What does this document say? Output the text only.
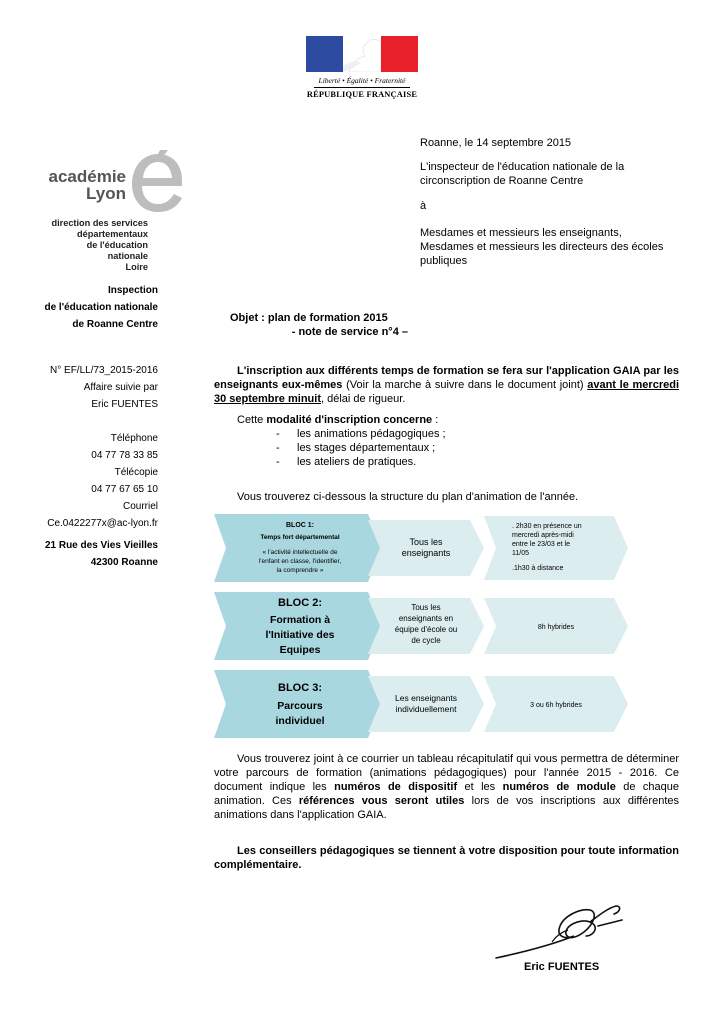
Liberté • Égalité • Fraternité
RÉPUBLIQUE FRANÇAISE
académie
Lyon
direction des services
départementaux
de l'éducation nationale
Loire
Inspection
de l'éducation nationale
de Roanne Centre
N° EF/LL/73_2015-2016
Affaire suivie par
Eric FUENTES
Téléphone
04 77 78 33 85
Télécopie
04 77 67 65 10
Courriel
Ce.0422277x@ac-lyon.fr
21 Rue des Vies Vieilles
42300 Roanne
Roanne, le 14 septembre 2015
L'inspecteur de l'éducation nationale de la
circonscription de Roanne Centre
à
Mesdames et messieurs les enseignants,
Mesdames et messieurs les directeurs des écoles
publiques
Objet : plan de formation 2015
- note de service n°4 –
L'inscription aux différents temps de formation se fera sur l'application GAIA par les enseignants eux-mêmes (Voir la marche à suivre dans le document joint) avant le mercredi 30 septembre minuit, délai de rigueur.
Cette modalité d'inscription concerne :
- les animations pédagogiques ;
- les stages départementaux ;
- les ateliers de pratiques.
Vous trouverez ci-dessous la structure du plan d'animation de l'année.
BLOC 1:
Temps fort départemental
« l'activité intellectuelle de
l'enfant en classe, l'identifier,
la comprendre »
Tous les
enseignants
. 2h30 en présence un
mercredi après-midi
entre le 23/03 et le
11/05
.1h30 à distance
BLOC 2:
Formation à
l'Initiative des
Equipes
Tous les
enseignants en
équipe d'école ou
de cycle
8h hybrides
BLOC 3:
Parcours
individuel
Les enseignants
individuellement	3 ou 6h hybrides
Vous trouverez joint à ce courrier un tableau récapitulatif qui vous permettra de déterminer votre parcours de formation (animations pédagogiques) pour l'année 2015 - 2016. Ce document indique les numéros de dispositif et les numéros de module de chaque animation. Ces références vous seront utiles lors de vos inscriptions aux différentes animations dans l'application GAIA.
Les conseillers pédagogiques se tiennent à votre disposition pour toute information complémentaire.
Eric FUENTES
